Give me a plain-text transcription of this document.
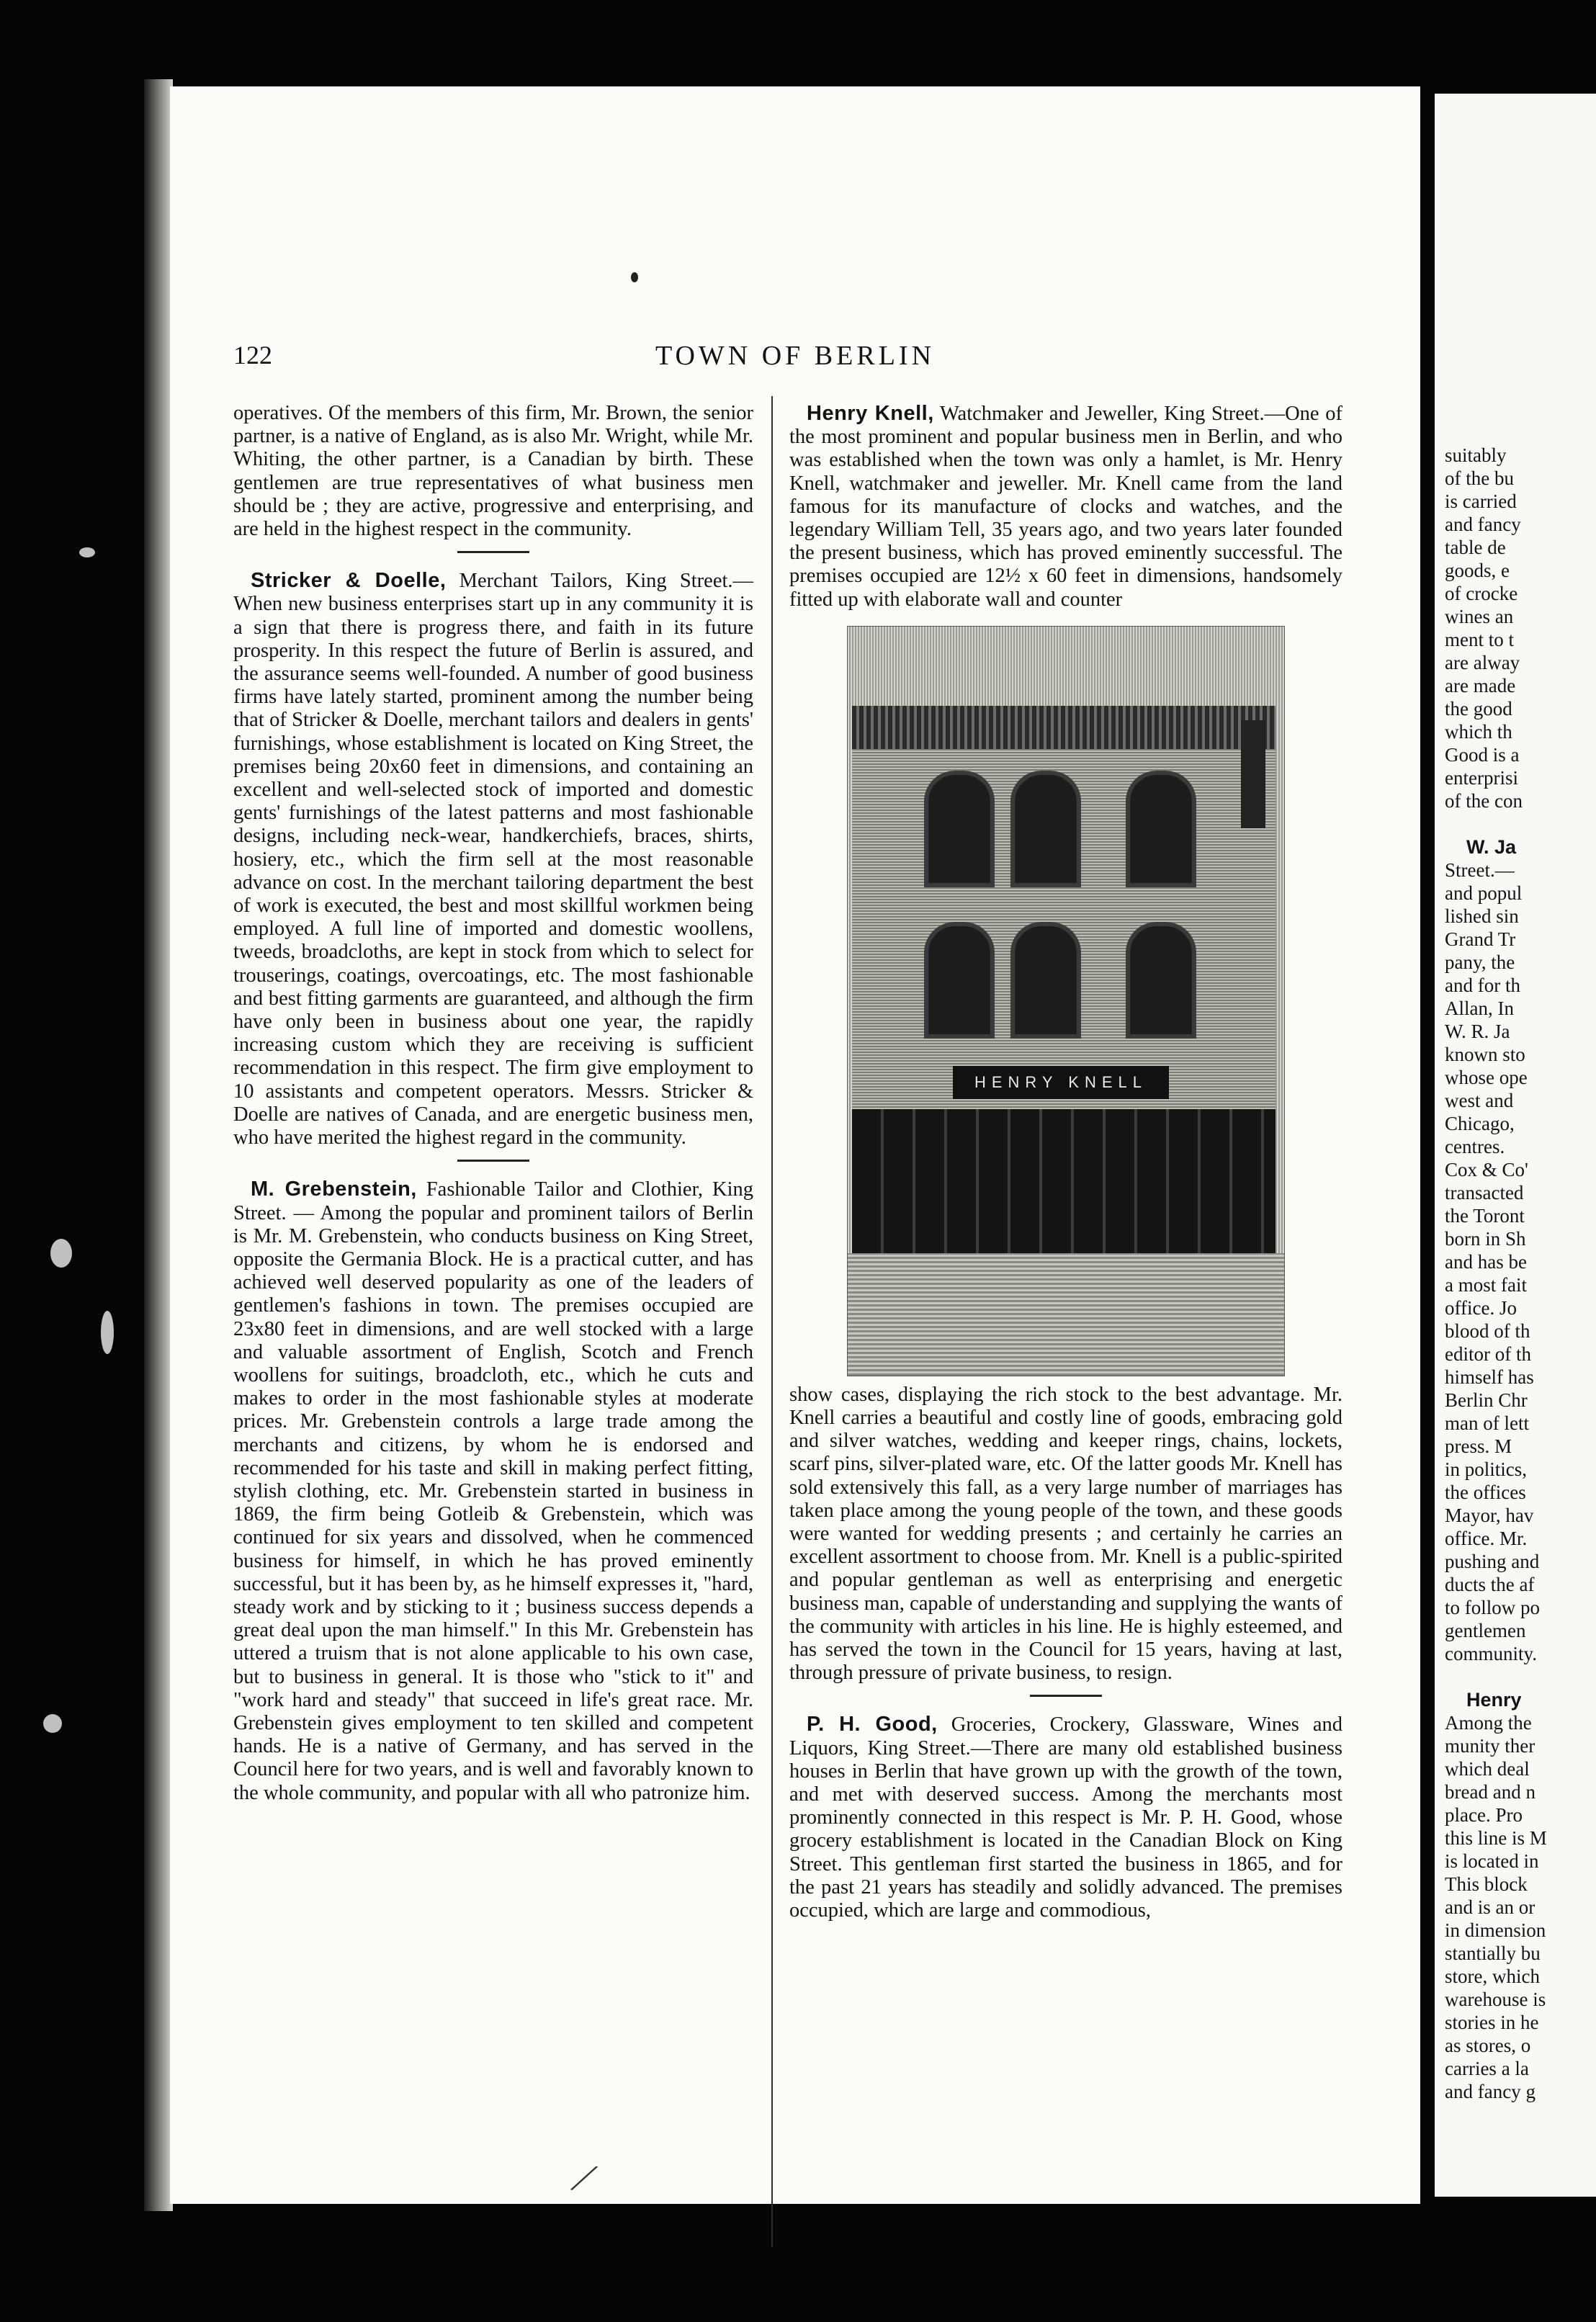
122	TOWN OF BERLIN

operatives. Of the members of this firm, Mr. Brown, the senior partner, is a native of England, as is also Mr. Wright, while Mr. Whiting, the other partner, is a Canadian by birth. These gentlemen are true representatives of what business men should be ; they are active, progressive and enterprising, and are held in the highest respect in the community.

Stricker & Doelle, Merchant Tailors, King Street.—When new business enterprises start up in any community it is a sign that there is progress there, and faith in its future prosperity. In this respect the future of Berlin is assured, and the assurance seems well-founded. A number of good business firms have lately started, prominent among the number being that of Stricker & Doelle, merchant tailors and dealers in gents' furnishings, whose establishment is located on King Street, the premises being 20x60 feet in dimensions, and containing an excellent and well-selected stock of imported and domestic gents' furnishings of the latest patterns and most fashionable designs, including neck-wear, handkerchiefs, braces, shirts, hosiery, etc., which the firm sell at the most reasonable advance on cost. In the merchant tailoring department the best of work is executed, the best and most skillful workmen being employed. A full line of imported and domestic woollens, tweeds, broadcloths, are kept in stock from which to select for trouserings, coatings, overcoatings, etc. The most fashionable and best fitting garments are guaranteed, and although the firm have only been in business about one year, the rapidly increasing custom which they are receiving is sufficient recommendation in this respect. The firm give employment to 10 assistants and competent operators. Messrs. Stricker & Doelle are natives of Canada, and are energetic business men, who have merited the highest regard in the community.

M. Grebenstein, Fashionable Tailor and Clothier, King Street. — Among the popular and prominent tailors of Berlin is Mr. M. Grebenstein, who conducts business on King Street, opposite the Germania Block. He is a practical cutter, and has achieved well deserved popularity as one of the leaders of gentlemen's fashions in town. The premises occupied are 23x80 feet in dimensions, and are well stocked with a large and valuable assortment of English, Scotch and French woollens for suitings, broadcloth, etc., which he cuts and makes to order in the most fashionable styles at moderate prices. Mr. Grebenstein controls a large trade among the merchants and citizens, by whom he is endorsed and recommended for his taste and skill in making perfect fitting, stylish clothing, etc. Mr. Grebenstein started in business in 1869, the firm being Gotleib & Grebenstein, which was continued for six years and dissolved, when he commenced business for himself, in which he has proved eminently successful, but it has been by, as he himself expresses it, "hard, steady work and by sticking to it ; business success depends a great deal upon the man himself." In this Mr. Grebenstein has uttered a truism that is not alone applicable to his own case, but to business in general. It is those who "stick to it" and "work hard and steady" that succeed in life's great race. Mr. Grebenstein gives employment to ten skilled and competent hands. He is a native of Germany, and has served in the Council here for two years, and is well and favorably known to the whole community, and popular with all who patronize him.

Henry Knell, Watchmaker and Jeweller, King Street.—One of the most prominent and popular business men in Berlin, and who was established when the town was only a hamlet, is Mr. Henry Knell, watchmaker and jeweller. Mr. Knell came from the land famous for its manufacture of clocks and watches, and the legendary William Tell, 35 years ago, and two years later founded the present business, which has proved eminently successful. The premises occupied are 12½ x 60 feet in dimensions, handsomely fitted up with elaborate wall and counter

HENRY KNELL

show cases, displaying the rich stock to the best advantage. Mr. Knell carries a beautiful and costly line of goods, embracing gold and silver watches, wedding and keeper rings, chains, lockets, scarf pins, silver-plated ware, etc. Of the latter goods Mr. Knell has sold extensively this fall, as a very large number of marriages has taken place among the young people of the town, and these goods were wanted for wedding presents ; and certainly he carries an excellent assortment to choose from. Mr. Knell is a public-spirited and popular gentleman as well as enterprising and energetic business man, capable of understanding and supplying the wants of the community with articles in his line. He is highly esteemed, and has served the town in the Council for 15 years, having at last, through pressure of private business, to resign.

P. H. Good, Groceries, Crockery, Glassware, Wines and Liquors, King Street.—There are many old established business houses in Berlin that have grown up with the growth of the town, and met with deserved success. Among the merchants most prominently connected in this respect is Mr. P. H. Good, whose grocery establishment is located in the Canadian Block on King Street. This gentleman first started the business in 1865, and for the past 21 years has steadily and solidly advanced. The premises occupied, which are large and commodious,

⁄
suitably
of the bu
is carried
and fancy
table de
goods, e
of crocke
wines an
ment to t
are alway
are made
the good
which th
Good is a
enterprisi
of the con

W. Ja
Street.—
and popul
lished sin
Grand Tr
pany, the
and for th
Allan, In
W. R. Ja
known sto
whose ope
west and
Chicago,
centres.
Cox & Co'
transacted
the Toront
born in Sh
and has be
a most fait
office. Jo
blood of th
editor of th
himself has
Berlin Chr
man of lett
press. M
in politics,
the offices
Mayor, hav
office. Mr.
pushing and
ducts the af
to follow po
gentlemen
community.

Henry
Among the
munity ther
which deal
bread and n
place. Pro
this line is M
is located in
This block
and is an or
in dimension
stantially bu
store, which
warehouse is
stories in he
as stores, o
carries a la
and fancy g
